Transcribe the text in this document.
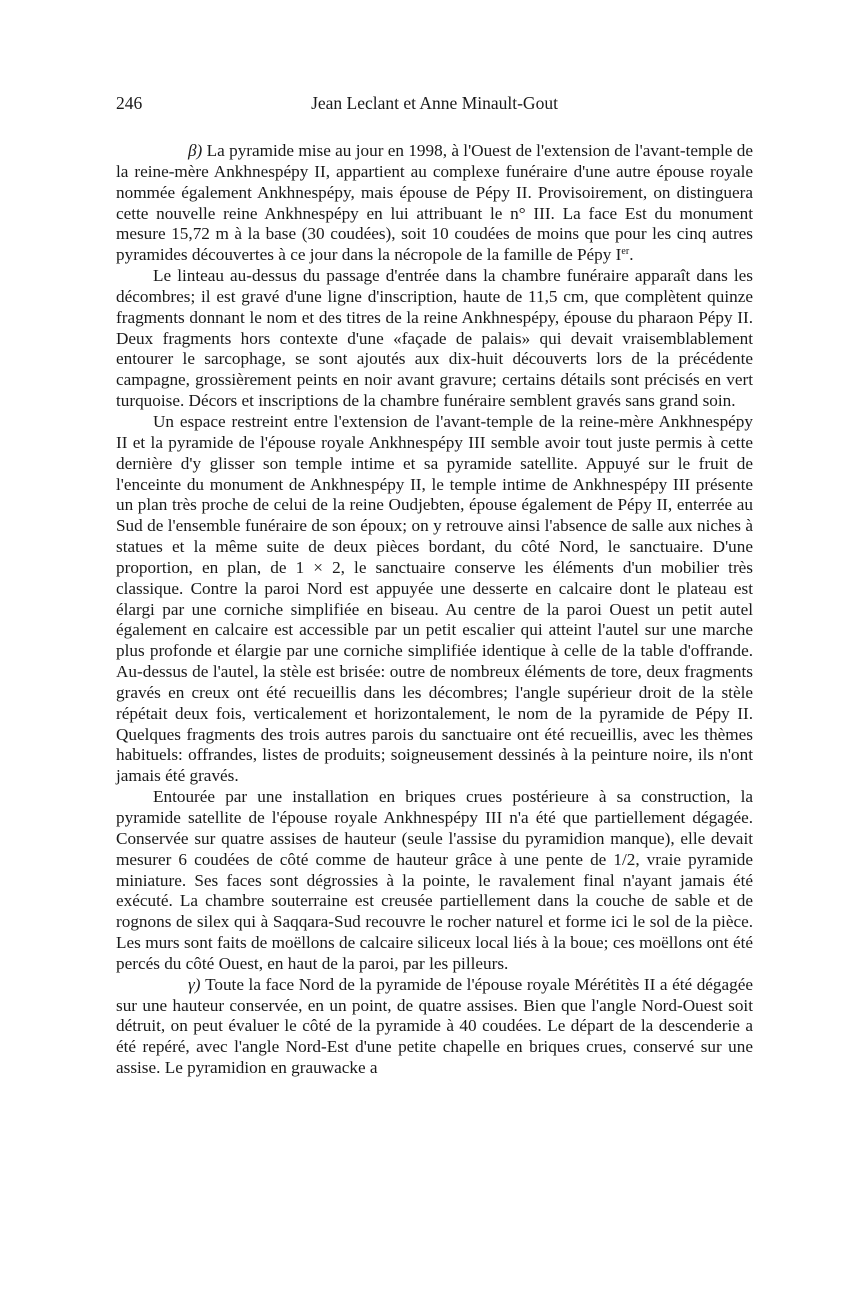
246	Jean Leclant et Anne Minault-Gout

β) La pyramide mise au jour en 1998, à l'Ouest de l'extension de l'avant-temple de la reine-mère Ankhnespépy II, appartient au complexe funéraire d'une autre épouse royale nommée également Ankhnespépy, mais épouse de Pépy II. Provisoirement, on distinguera cette nouvelle reine Ankhnespépy en lui attribuant le n° III. La face Est du monument mesure 15,72 m à la base (30 coudées), soit 10 coudées de moins que pour les cinq autres pyramides découvertes à ce jour dans la nécropole de la famille de Pépy Ier.

Le linteau au-dessus du passage d'entrée dans la chambre funéraire apparaît dans les décombres; il est gravé d'une ligne d'inscription, haute de 11,5 cm, que complètent quinze fragments donnant le nom et des titres de la reine Ankhnespépy, épouse du pharaon Pépy II. Deux fragments hors contexte d'une «façade de palais» qui devait vraisemblablement entourer le sarcophage, se sont ajoutés aux dix-huit découverts lors de la précédente campagne, grossièrement peints en noir avant gravure; certains détails sont précisés en vert turquoise. Décors et inscriptions de la chambre funéraire semblent gravés sans grand soin.

Un espace restreint entre l'extension de l'avant-temple de la reine-mère Ankhnespépy II et la pyramide de l'épouse royale Ankhnespépy III semble avoir tout juste permis à cette dernière d'y glisser son temple intime et sa pyramide satellite. Appuyé sur le fruit de l'enceinte du monument de Ankhnespépy II, le temple intime de Ankhnespépy III présente un plan très proche de celui de la reine Oudjebten, épouse également de Pépy II, enterrée au Sud de l'ensemble funéraire de son époux; on y retrouve ainsi l'absence de salle aux niches à statues et la même suite de deux pièces bordant, du côté Nord, le sanctuaire. D'une proportion, en plan, de 1 × 2, le sanctuaire conserve les éléments d'un mobilier très classique. Contre la paroi Nord est appuyée une desserte en calcaire dont le plateau est élargi par une corniche simplifiée en biseau. Au centre de la paroi Ouest un petit autel également en calcaire est accessible par un petit escalier qui atteint l'autel sur une marche plus profonde et élargie par une corniche simplifiée identique à celle de la table d'offrande. Au-dessus de l'autel, la stèle est brisée: outre de nombreux éléments de tore, deux fragments gravés en creux ont été recueillis dans les décombres; l'angle supérieur droit de la stèle répétait deux fois, verticalement et horizontalement, le nom de la pyramide de Pépy II. Quelques fragments des trois autres parois du sanctuaire ont été recueillis, avec les thèmes habituels: offrandes, listes de produits; soigneusement dessinés à la peinture noire, ils n'ont jamais été gravés.

Entourée par une installation en briques crues postérieure à sa construction, la pyramide satellite de l'épouse royale Ankhnespépy III n'a été que partiellement dégagée. Conservée sur quatre assises de hauteur (seule l'assise du pyramidion manque), elle devait mesurer 6 coudées de côté comme de hauteur grâce à une pente de 1/2, vraie pyramide miniature. Ses faces sont dégrossies à la pointe, le ravalement final n'ayant jamais été exécuté. La chambre souterraine est creusée partiellement dans la couche de sable et de rognons de silex qui à Saqqara-Sud recouvre le rocher naturel et forme ici le sol de la pièce. Les murs sont faits de moëllons de calcaire siliceux local liés à la boue; ces moëllons ont été percés du côté Ouest, en haut de la paroi, par les pilleurs.

γ) Toute la face Nord de la pyramide de l'épouse royale Mérétitès II a été dégagée sur une hauteur conservée, en un point, de quatre assises. Bien que l'angle Nord-Ouest soit détruit, on peut évaluer le côté de la pyramide à 40 coudées. Le départ de la descenderie a été repéré, avec l'angle Nord-Est d'une petite chapelle en briques crues, conservé sur une assise. Le pyramidion en grauwacke a
